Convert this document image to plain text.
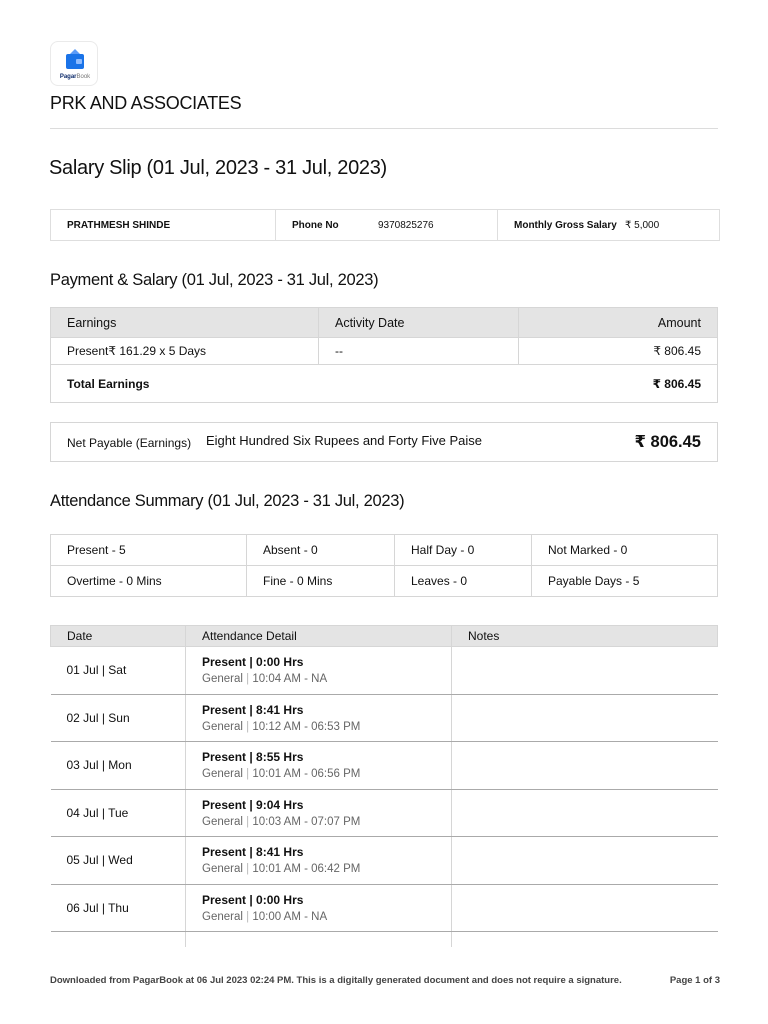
PagarBook
PRK AND ASSOCIATES
Salary Slip (01 Jul, 2023 - 31 Jul, 2023)
PRATHMESH SHINDE	Phone No	9370825276	Monthly Gross Salary ₹ 5,000
Payment & Salary (01 Jul, 2023 - 31 Jul, 2023)
Earnings	Activity Date	Amount
Present₹ 161.29 x 5 Days	--	₹ 806.45
Total Earnings		₹ 806.45
Net Payable (Earnings)	Eight Hundred Six Rupees and Forty Five Paise	₹ 806.45
Attendance Summary (01 Jul, 2023 - 31 Jul, 2023)
Present - 5	Absent - 0	Half Day - 0	Not Marked - 0
Overtime - 0 Mins	Fine - 0 Mins	Leaves - 0	Payable Days - 5
Date	Attendance Detail	Notes
01 Jul | Sat	Present | 0:00 Hrs
General | 10:04 AM - NA	

02 Jul | Sun	Present | 8:41 Hrs
General | 10:12 AM - 06:53 PM	

03 Jul | Mon	Present | 8:55 Hrs
General | 10:01 AM - 06:56 PM	

04 Jul | Tue	Present | 9:04 Hrs
General | 10:03 AM - 07:07 PM	

05 Jul | Wed	Present | 8:41 Hrs
General | 10:01 AM - 06:42 PM	

06 Jul | Thu	Present | 0:00 Hrs
General | 10:00 AM - NA	

Downloaded from PagarBook at 06 Jul 2023 02:24 PM. This is a digitally generated document and does not require a signature.	Page 1 of 3
